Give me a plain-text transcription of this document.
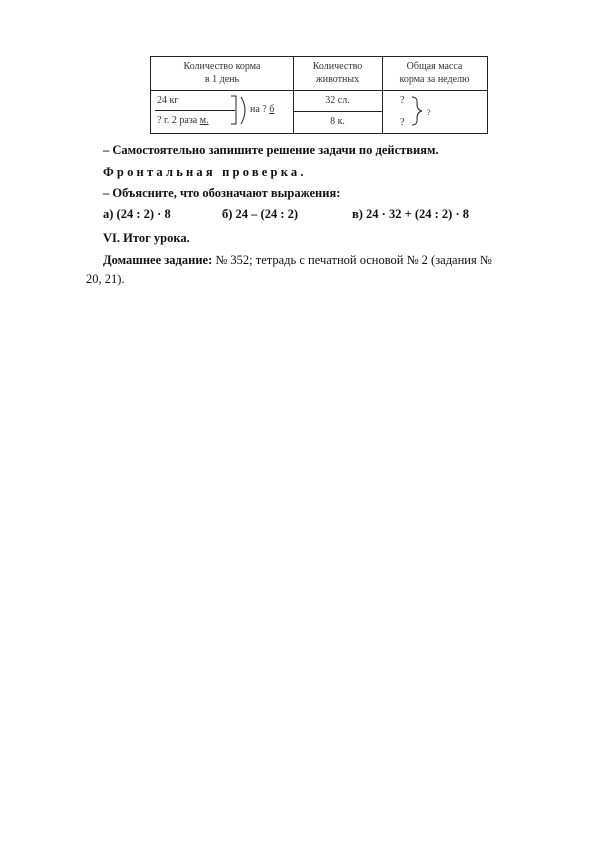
Количество корма
в 1 день
Количество
животных
Общая масса
корма за неделю
24 кг
? г. 2 раза м.
на ? б
32 сл.
8 к.
?
?
?
– Самостоятельно запишите решение задачи по действиям.
Фронтальная проверка.
– Объясните, что обозначают выражения:
а) (24 : 2) · 8	б) 24 – (24 : 2)	в) 24 · 32 + (24 : 2) · 8
VI. Итог урока.
Домашнее задание: № 352; тетрадь с печатной основой № 2 (задания №
20, 21).
